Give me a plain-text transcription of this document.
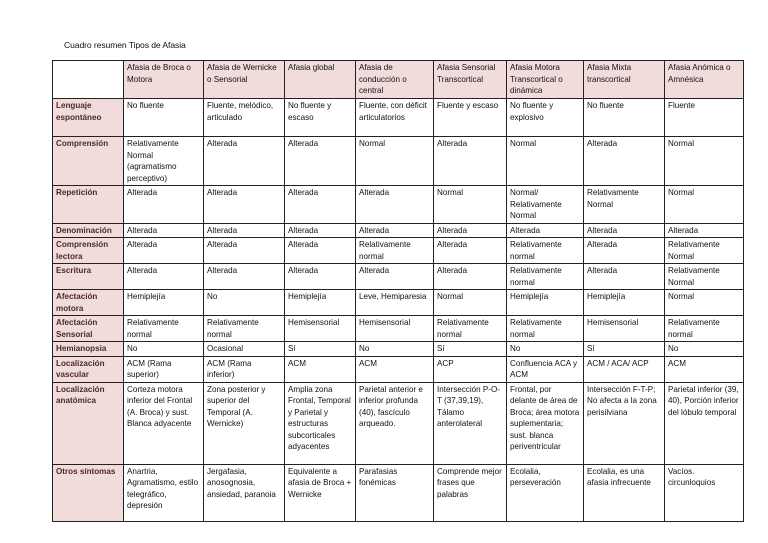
Cuadro resumen Tipos de Afasia
	Afasia de Broca o Motora	Afasia de Wernicke o Sensorial	Afasia global	Afasia de conducción o central	Afasia Sensorial Transcortical	Afasia Motora Transcortical o dinámica	Afasia Mixta transcortical	Afasia Anómica o Amnésica
Lenguaje espontáneo	No fluente	Fluente, melódico, articulado	No fluente y escaso	Fluente, con déficit articulatorios	Fluente y escaso	No fluente y explosivo	No fluente	Fluente
Comprensión	Relativamente Normal (agramatismo perceptivo)	Alterada	Alterada	Normal	Alterada	Normal	Alterada	Normal
Repetición	Alterada	Alterada	Alterada	Alterada	Normal	Normal/ Relativamente Normal	Relativamente Normal	Normal
Denominación	Alterada	Alterada	Alterada	Alterada	Alterada	Alterada	Alterada	Alterada
Comprensión lectora	Alterada	Alterada	Alterada	Relativamente normal	Alterada	Relativamente normal	Alterada	Relativamente Normal
Escritura	Alterada	Alterada	Alterada	Alterada	Alterada	Relativamente normal	Alterada	Relativamente Normal
Afectación motora	Hemiplejía	No	Hemiplejía	Leve, Hemiparesia	Normal	Hemiplejía	Hemiplejía	Normal
Afectación Sensorial	Relativamente normal	Relativamente normal	Hemisensorial	Hemisensorial	Relativamente normal	Relativamente normal	Hemisensorial	Relativamente normal
Hemianopsia	No	Ocasional	Sí	No	Sí	No	Sí	No
Localización vascular	ACM (Rama superior)	ACM (Rama inferior)	ACM	ACM	ACP	Confluencia ACA y ACM	ACM / ACA/ ACP	ACM
Localización anatómica	Corteza motora inferior del Frontal (A. Broca) y sust. Blanca adyacente	Zona posterior y superior del Temporal (A. Wernicke)	Amplia zona Frontal, Temporal y Parietal y estructuras subcorticales adyacentes	Parietal anterior e inferior profunda (40), fascículo arqueado.	Intersección P-O-T (37,39,19), Tálamo anterolateral	Frontal, por delante de área de Broca; área motora suplementaria; sust. blanca periventricular	Intersección F-T-P; No afecta a la zona perisilviana	Parietal inferior (39, 40), Porción inferior del lóbulo temporal
Otros síntomas	Anartria, Agramatismo, estilo telegráfico, depresión	Jergafasia, anosognosia, ansiedad, paranoia	Equivalente a afasia de Broca + Wernicke	Parafasias fonémicas	Comprende mejor frases que palabras	Ecolalia, perseveración	Ecolalia, es una afasia infrecuente	Vacíos. circunloquios
